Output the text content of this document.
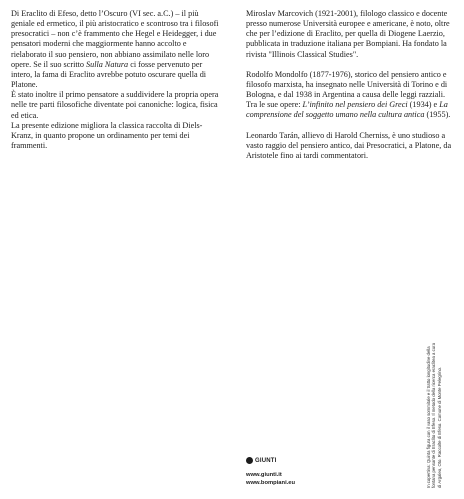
Di Eraclito di Efeso, detto l’Oscuro (VI sec. a.C.) – il più geniale ed ermetico, il più aristocratico e scontroso tra i filosofi presocratici – non c’è frammento che Hegel e Heidegger, i due pensatori moderni che maggiormente hanno accolto e rielaborato il suo pensiero, non abbiano assimilato nelle loro opere. Se il suo scritto Sulla Natura ci fosse pervenuto per intero, la fama di Eraclito avrebbe potuto oscurare quella di Platone.

È stato inoltre il primo pensatore a suddividere la propria opera nelle tre parti filosofiche diventate poi canoniche: logica, fisica ed etica.

La presente edizione migliora la classica raccolta di Diels-Kranz, in quanto propone un ordinamento per temi dei frammenti.

Miroslav Marcovich (1921-2001), filologo classico e docente presso numerose Università europee e americane, è noto, oltre che per l’edizione di Eraclito, per quella di Diogene Laerzio, pubblicata in traduzione italiana per Bompiani. Ha fondato la rivista "Illinois Classical Studies".

Rodolfo Mondolfo (1877-1976), storico del pensiero antico e filosofo marxista, ha insegnato nelle Università di Torino e di Bologna, e dal 1938 in Argentina a causa delle leggi razziali. Tra le sue opere: L’infinito nel pensiero dei Greci (1934) e La comprensione del soggetto umano nella cultura antica (1955).

Leonardo Tarán, allievo di Harold Cherniss, è uno studioso a vasto raggio del pensiero antico, dai Presocratici, a Platone, da Aristotele fino ai tardi commentatori.

GIUNTI
www.giunti.it
www.bompiani.eu	In copertina: Quinta figura con il vaso sommitale e il tratto longitudine della fontana pensante di Eraclito di Efeso. Il metodo della ricerca eraclitea a cura di Argaleo, Oto. Raccolte di Efeso. Comune di Monte Pelegrino.
